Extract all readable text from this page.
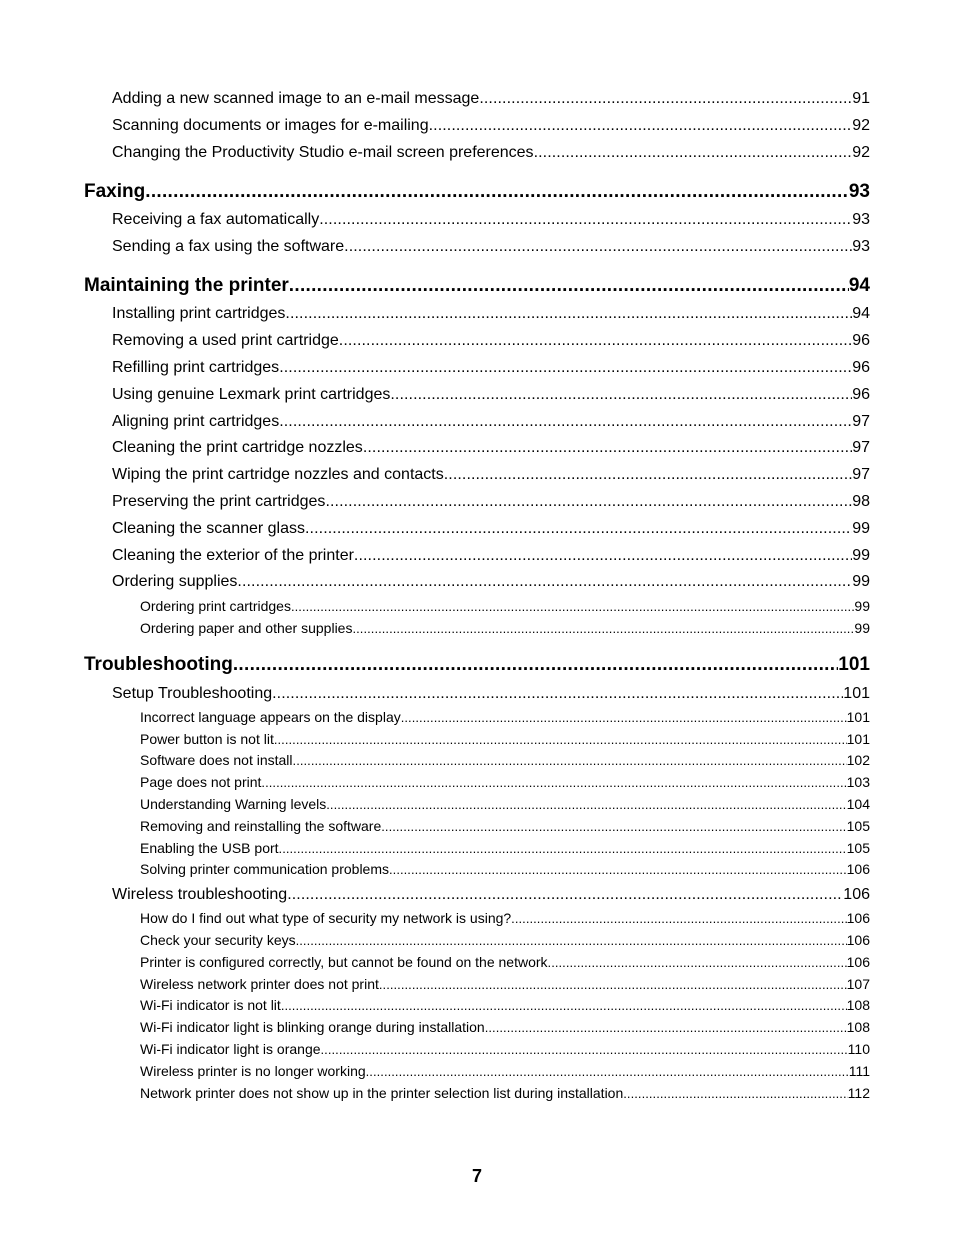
Adding a new scanned image to an e-mail message .....	91
Scanning documents or images for e-mailing .....	92
Changing the Productivity Studio e-mail screen preferences .....	92
Faxing .....	93
Receiving a fax automatically .....	93
Sending a fax using the software .....	93
Maintaining the printer .....	94
Installing print cartridges .....	94
Removing a used print cartridge .....	96
Refilling print cartridges .....	96
Using genuine Lexmark print cartridges .....	96
Aligning print cartridges .....	97
Cleaning the print cartridge nozzles .....	97
Wiping the print cartridge nozzles and contacts .....	97
Preserving the print cartridges .....	98
Cleaning the scanner glass .....	99
Cleaning the exterior of the printer .....	99
Ordering supplies .....	99
Ordering print cartridges .....	99
Ordering paper and other supplies .....	99
Troubleshooting .....	101
Setup Troubleshooting .....	101
Incorrect language appears on the display .....	101
Power button is not lit .....	101
Software does not install .....	102
Page does not print .....	103
Understanding Warning levels .....	104
Removing and reinstalling the software .....	105
Enabling the USB port .....	105
Solving printer communication problems .....	106
Wireless troubleshooting .....	106
How do I find out what type of security my network is using? .....	106
Check your security keys .....	106
Printer is configured correctly, but cannot be found on the network .....	106
Wireless network printer does not print .....	107
Wi-Fi indicator is not lit .....	108
Wi-Fi indicator light is blinking orange during installation .....	108
Wi-Fi indicator light is orange .....	110
Wireless printer is no longer working .....	111
Network printer does not show up in the printer selection list during installation .....	112
7
